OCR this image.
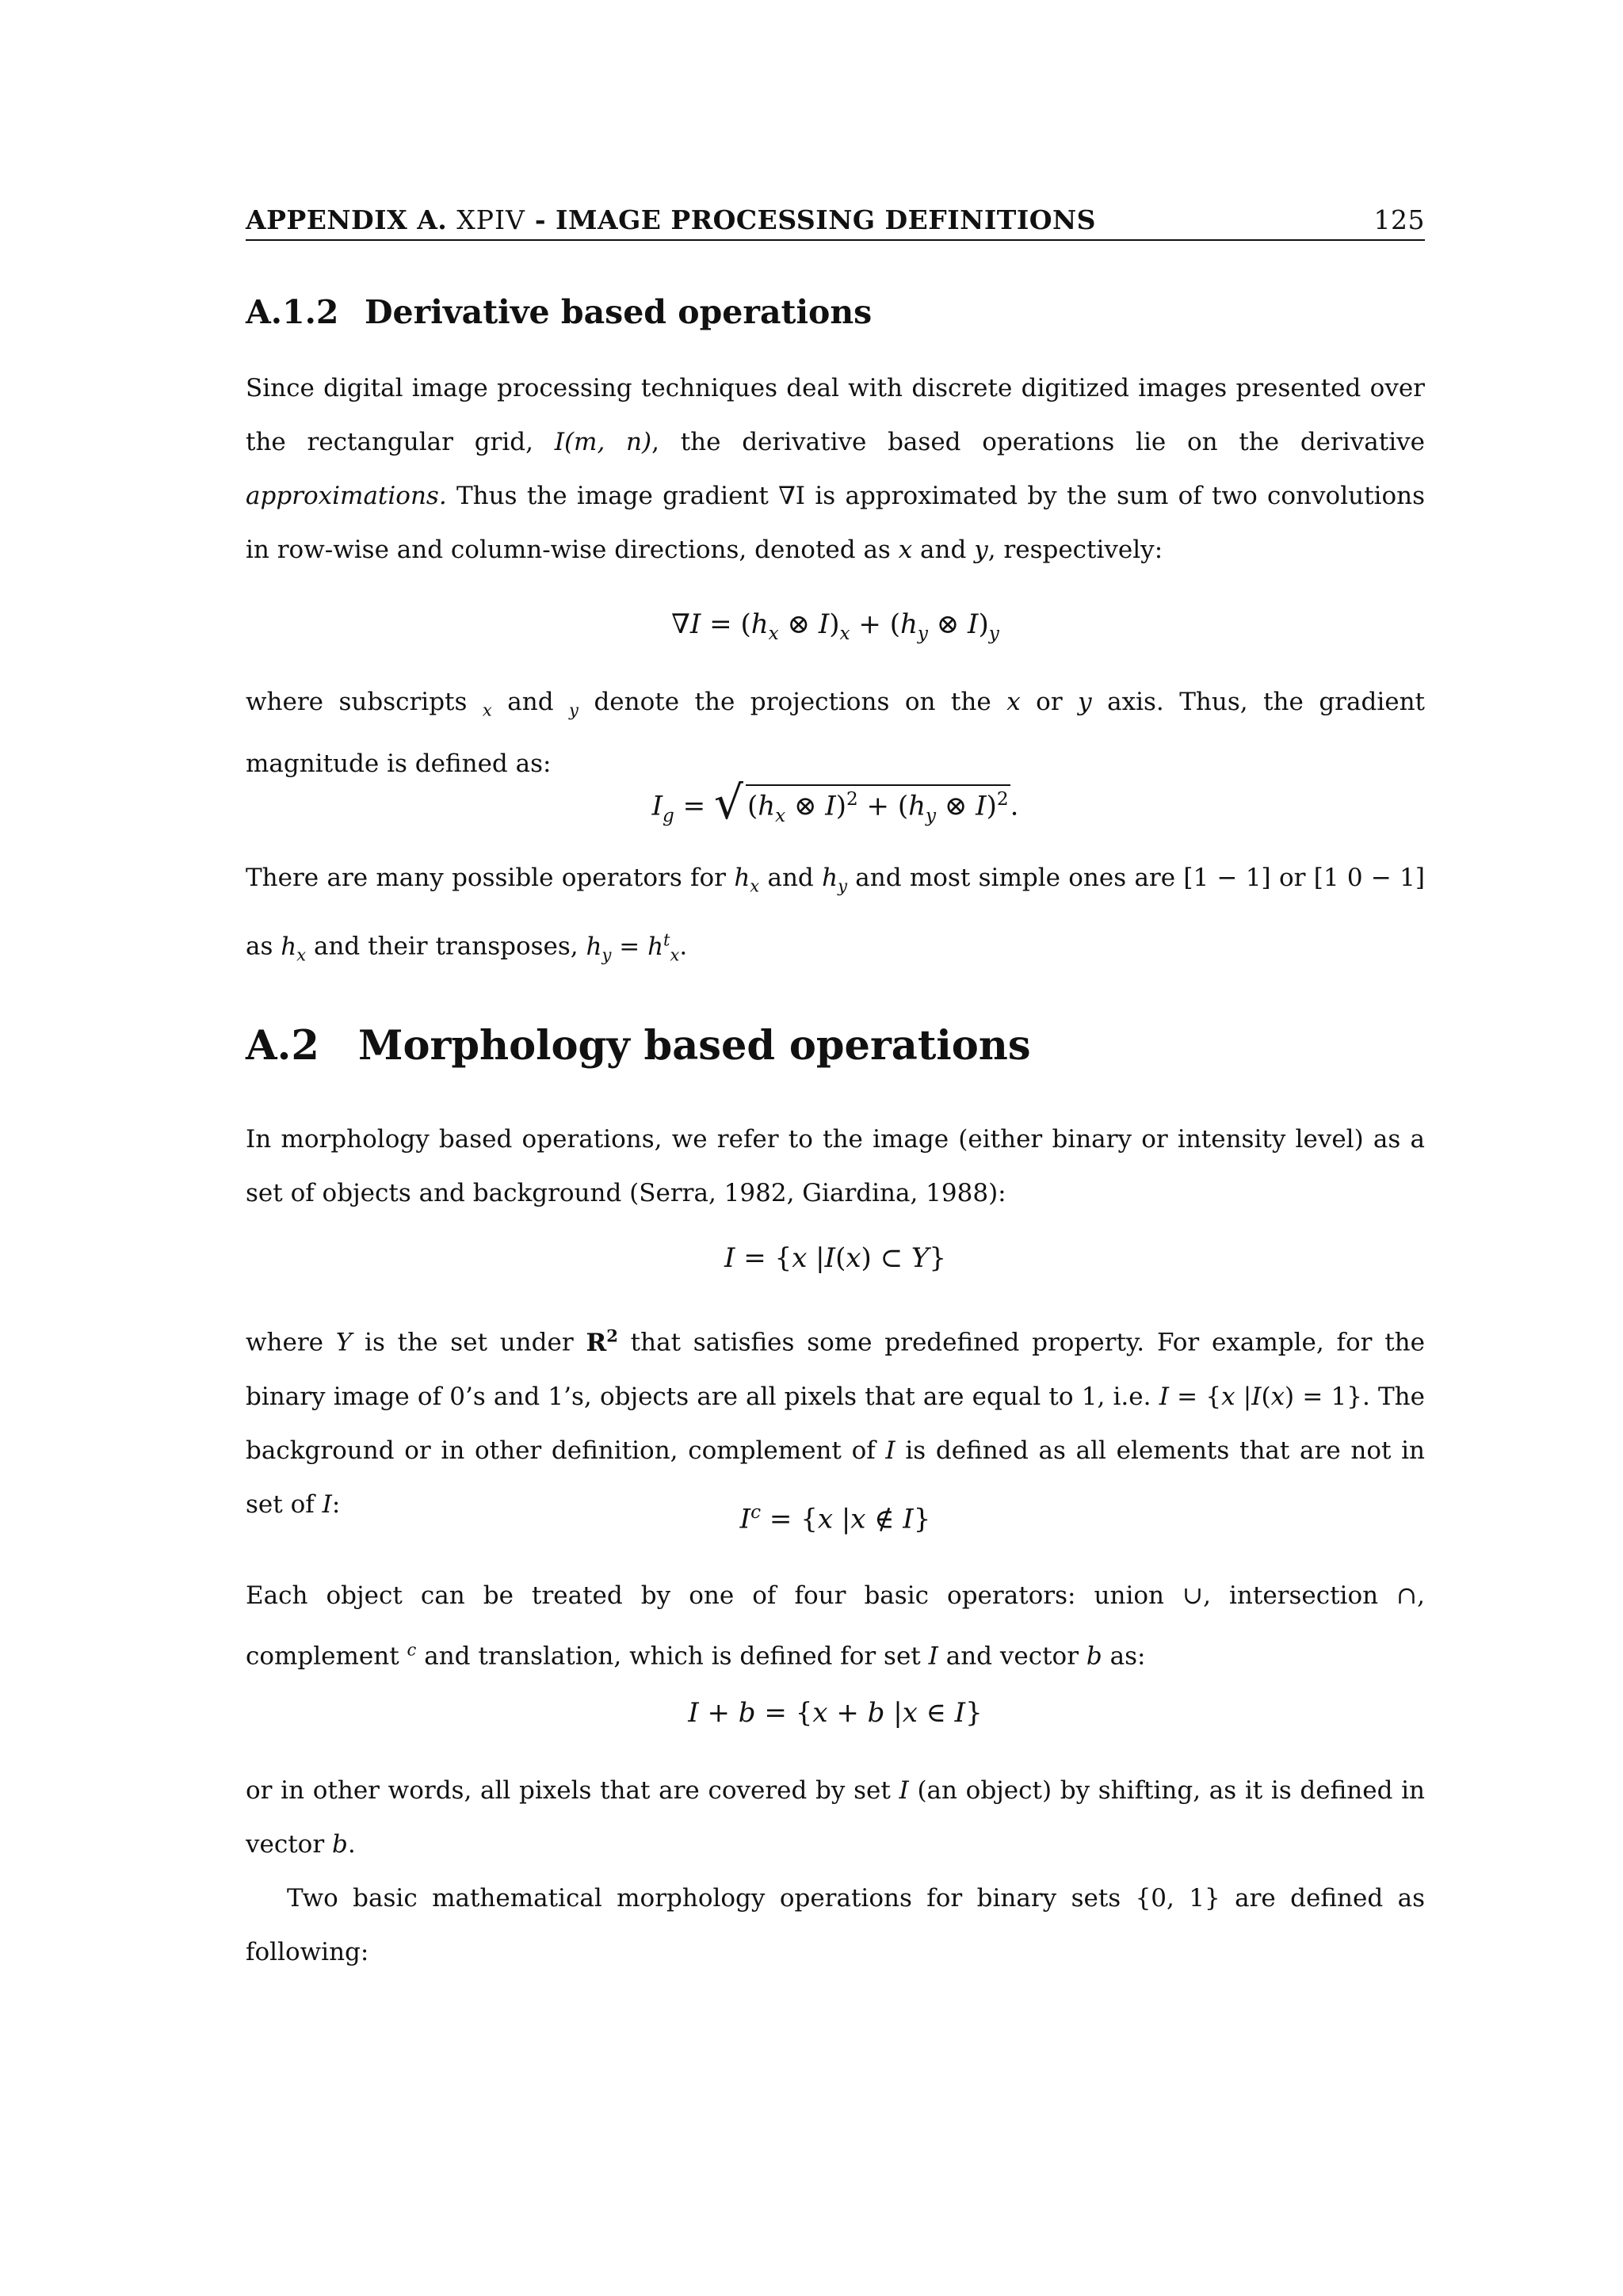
APPENDIX A. XPIV - IMAGE PROCESSING DEFINITIONS	125
A.1.2 Derivative based operations
Since digital image processing techniques deal with discrete digitized images presented over the rectangular grid, I(m, n), the derivative based operations lie on the derivative approximations. Thus the image gradient ∇I is approximated by the sum of two convolutions in row-wise and column-wise directions, denoted as x and y, respectively:
$\nabla I = (h_x$ ⊗ $I)_x + (h_y$ ⊗ $I)_y$
where subscripts $_x$ and $_y$ denote the projections on the x or y axis. Thus, the gradient magnitude is defined as:
$I_g$ = √ ($h_x$ ⊗ $I)^2 + (h_y$ ⊗ I)$^2$.
There are many possible operators for $h_x$ and $h_y$ and most simple ones are [1 − 1] or [1 0 − 1] as $h_x$ and their transposes, $h_y = h^t_x$.
A.2 Morphology based operations
In morphology based operations, we refer to the image (either binary or intensity level) as a set of objects and background (Serra, 1982, Giardina, 1988):
I = {x |I(x) ⊂ Y}
where Y is the set under $R^2$ that satisfies some predefined property. For example, for the binary image of 0’s and 1’s, objects are all pixels that are equal to 1, i.e. I = {x |I(x) = 1}. The background or in other definition, complement of I is defined as all elements that are not in set of I:	$I^c = \{x$ |x ∉ I}
Each object can be treated by one of four basic operators: union ∪, intersection ∩, complement $^c$ and translation, which is defined for set I and vector b as:
I + b = {x + b |x ∈ I}
or in other words, all pixels that are covered by set I (an object) by shifting, as it is defined in vector b.
Two basic mathematical morphology operations for binary sets {0, 1} are defined as following:
